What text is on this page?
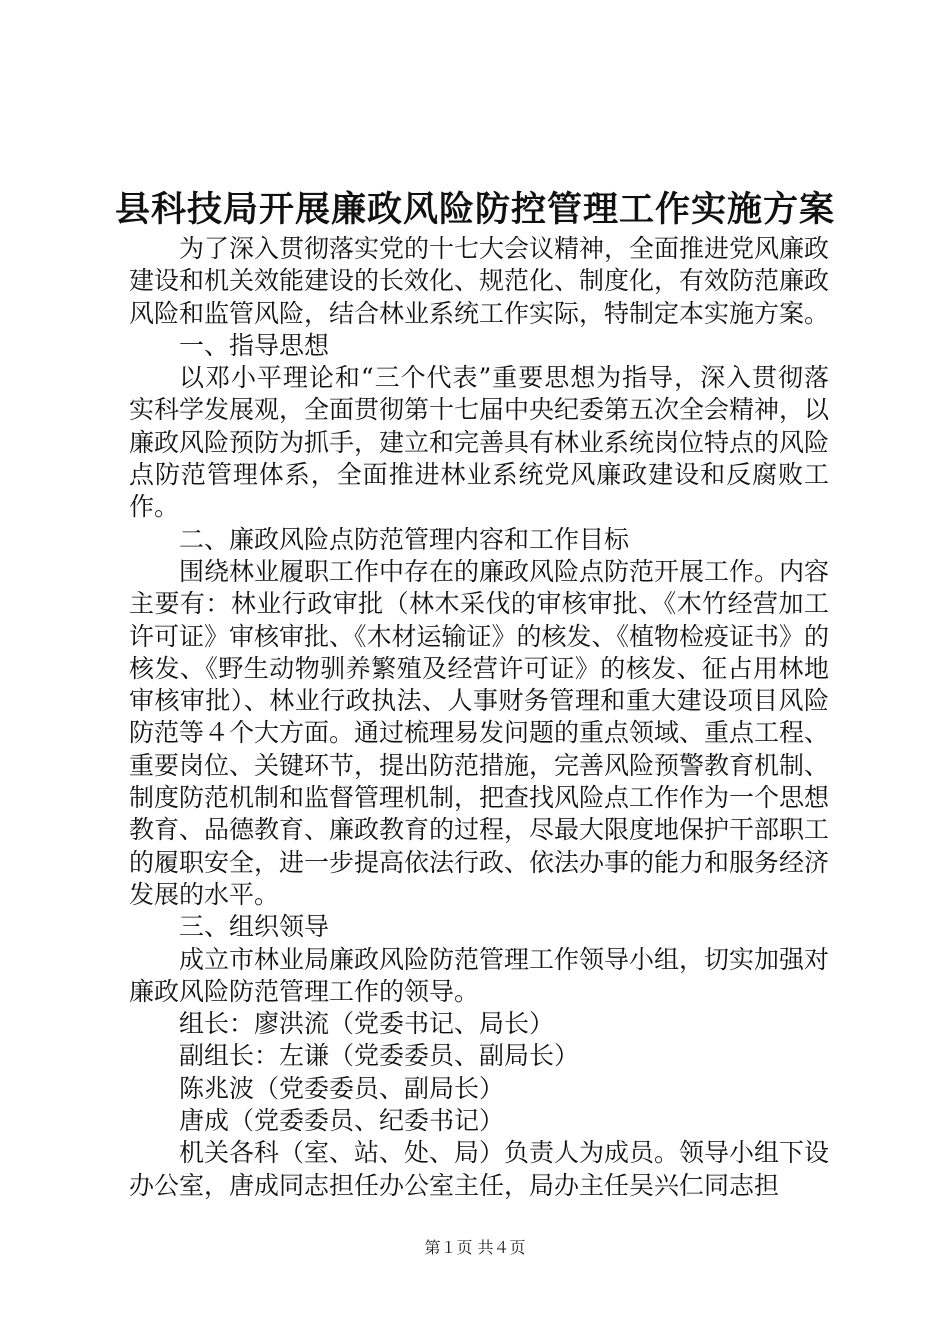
县科技局开展廉政风险防控管理工作实施方案

为了深入贯彻落实党的十七大会议精神，全面推进党风廉政建设和机关效能建设的长效化、规范化、制度化，有效防范廉政风险和监管风险，结合林业系统工作实际，特制定本实施方案。

一、指导思想

以邓小平理论和“三个代表”重要思想为指导，深入贯彻落实科学发展观，全面贯彻第十七届中央纪委第五次全会精神，以廉政风险预防为抓手，建立和完善具有林业系统岗位特点的风险点防范管理体系，全面推进林业系统党风廉政建设和反腐败工作。

二、廉政风险点防范管理内容和工作目标

围绕林业履职工作中存在的廉政风险点防范开展工作。内容主要有：林业行政审批（林木采伐的审核审批、《木竹经营加工许可证》审核审批、《木材运输证》的核发、《植物检疫证书》的核发、《野生动物驯养繁殖及经营许可证》的核发、征占用林地审核审批）、林业行政执法、人事财务管理和重大建设项目风险防范等４个大方面。通过梳理易发问题的重点领域、重点工程、重要岗位、关键环节，提出防范措施，完善风险预警教育机制、制度防范机制和监督管理机制，把查找风险点工作作为一个思想教育、品德教育、廉政教育的过程，尽最大限度地保护干部职工的履职安全，进一步提高依法行政、依法办事的能力和服务经济发展的水平。

三、组织领导

成立市林业局廉政风险防范管理工作领导小组，切实加强对廉政风险防范管理工作的领导。

组长：廖洪流（党委书记、局长）

副组长：左谦（党委委员、副局长）

陈兆波（党委委员、副局长）

唐成（党委委员、纪委书记）

机关各科（室、站、处、局）负责人为成员。领导小组下设办公室，唐成同志担任办公室主任，局办主任吴兴仁同志担

第１页 共４页
